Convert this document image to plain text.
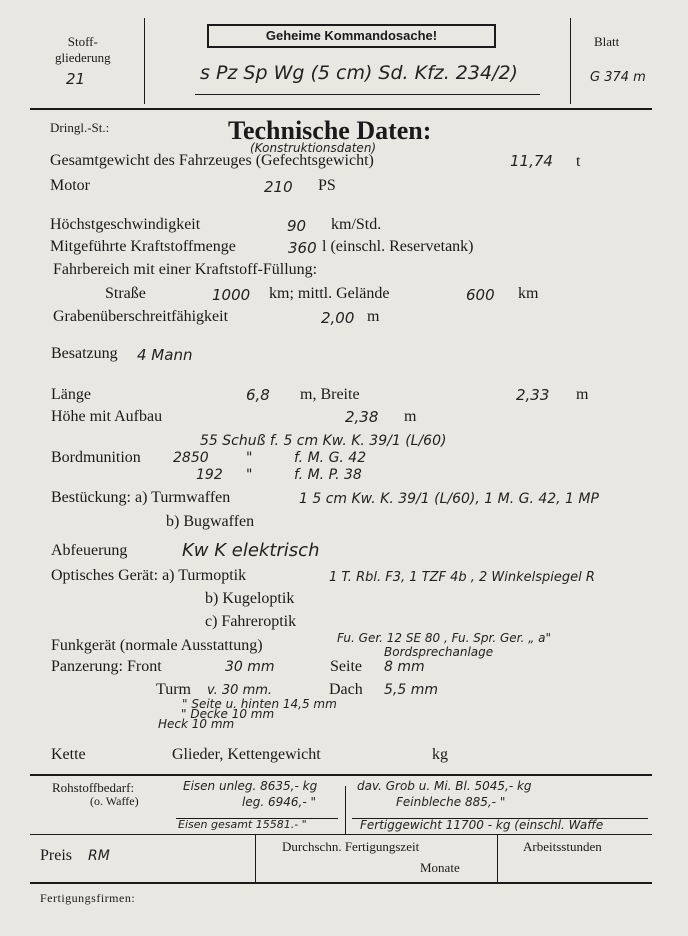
Stoff-
gliederung
21
Geheime Kommandosache!
s Pz Sp Wg (5 cm) Sd. Kfz. 234/2)
Blatt
G 374 m
Dringl.-St.:	Technische Daten:
(Konstruktionsdaten)
Gesamtgewicht des Fahrzeuges (Gefechtsgewicht)	11,74 t
Motor	210 PS
Höchstgeschwindigkeit	90 km/Std.
Mitgeführte Kraftstoffmenge	360 l (einschl. Reservetank)
Fahrbereich mit einer Kraftstoff-Füllung:
Straße	1000 km; mittl. Gelände	600 km
Grabenüberschreitfähigkeit	2,00 m
Besatzung 4 Mann
Länge	6,8 m, Breite	2,33 m
Höhe mit Aufbau	2,38 m
55 Schuß f. 5 cm Kw. K. 39/1 (L/60)
Bordmunition 2850	"	f. M. G. 42
192 "	f. M. P. 38
Bestückung: a) Turmwaffen	1 5 cm Kw. K. 39/1 (L/60), 1 M. G. 42, 1 MP
b) Bugwaffen
Abfeuerung	Kw K elektrisch
Optisches Gerät: a) Turmoptik	1 T. Rbl. F3, 1 TZF 4b , 2 Winkelspiegel R
b) Kugeloptik
c) Fahreroptik
Funkgerät (normale Ausstattung)	Fu. Ger. 12 SE 80 , Fu. Spr. Ger. „ a"
Bordsprechanlage
Panzerung: Front	30 mm	Seite 8 mm
Turm v. 30 mm.	Dach 5,5 mm
" Seite u. hinten 14,5 mm
" Decke 10 mm
Heck 10 mm
Kette	Glieder, Kettengewicht	kg
Rohstoffbedarf:
(o. Waffe)
Eisen unleg. 8635,- kg
leg. 6946,- "
Eisen gesamt 15581.- "
dav. Grob u. Mi. Bl. 5045,- kg
Feinbleche 885,- "
Fertiggewicht 11700 - kg (einschl. Waffe
Preis RM
Durchschn. Fertigungszeit
Monate
Arbeitsstunden
Fertigungsfirmen:
